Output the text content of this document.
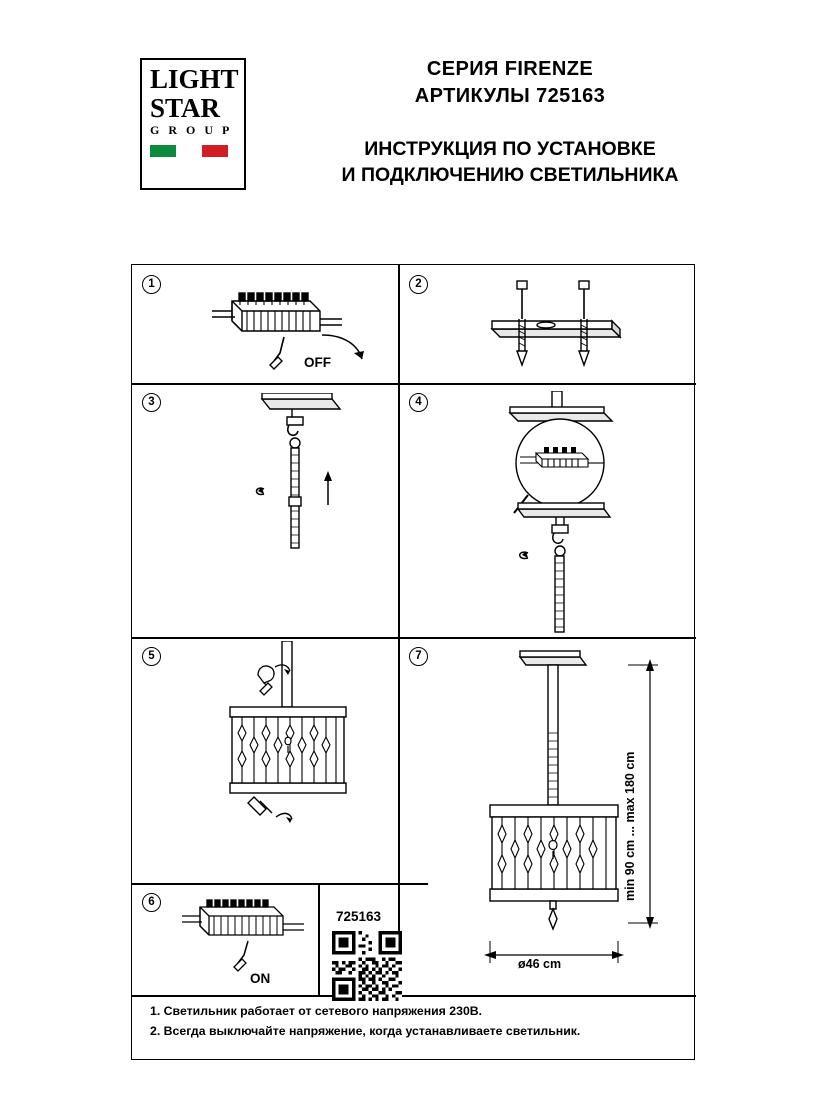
LIGHT
STAR
G R O U P
СЕРИЯ FIRENZE
АРТИКУЛЫ 725163
ИНСТРУКЦИЯ ПО УСТАНОВКЕ
И ПОДКЛЮЧЕНИЮ СВЕТИЛЬНИКА
1	2
3	4
5
6
7
OFF
ON
725163
min 90 cm ... max 180 cm
ø46 cm
1. Светильник работает от сетевого напряжения 230В.
2. Всегда выключайте напряжение, когда устанавливаете светильник.
